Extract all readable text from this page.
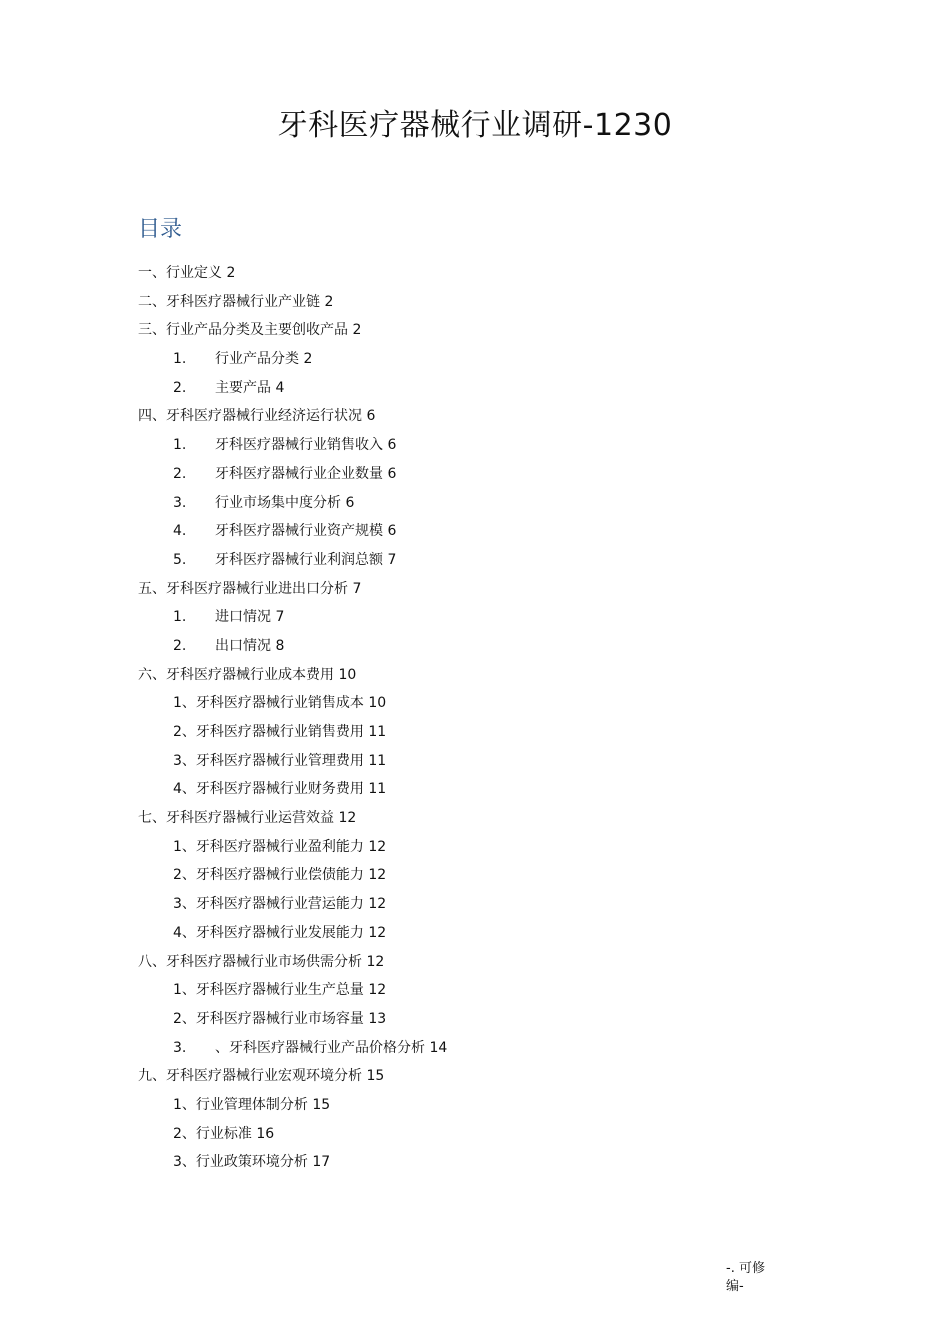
牙科医疗器械行业调研-1230
目录
一、行业定义 2
二、牙科医疗器械行业产业链 2
三、行业产品分类及主要创收产品 2
1. 行业产品分类 2
2. 主要产品 4
四、牙科医疗器械行业经济运行状况 6
1. 牙科医疗器械行业销售收入 6
2. 牙科医疗器械行业企业数量 6
3. 行业市场集中度分析 6
4. 牙科医疗器械行业资产规模 6
5. 牙科医疗器械行业利润总额 7
五、牙科医疗器械行业进出口分析 7
1. 进口情况 7
2. 出口情况 8
六、牙科医疗器械行业成本费用 10
1、牙科医疗器械行业销售成本 10
2、牙科医疗器械行业销售费用 11
3、牙科医疗器械行业管理费用 11
4、牙科医疗器械行业财务费用 11
七、牙科医疗器械行业运营效益 12
1、牙科医疗器械行业盈利能力 12
2、牙科医疗器械行业偿债能力 12
3、牙科医疗器械行业营运能力 12
4、牙科医疗器械行业发展能力 12
八、牙科医疗器械行业市场供需分析 12
1、牙科医疗器械行业生产总量 12
2、牙科医疗器械行业市场容量 13
3. 、牙科医疗器械行业产品价格分析 14
九、牙科医疗器械行业宏观环境分析 15
1、行业管理体制分析 15
2、行业标准 16
3、行业政策环境分析 17
-. 可修
编-
